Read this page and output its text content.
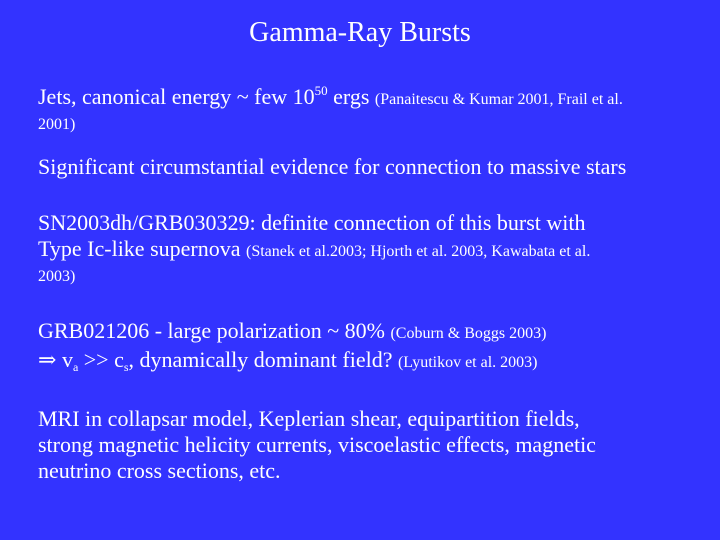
Gamma-Ray Bursts
Jets, canonical energy ~ few $10^{50}$ ergs (Panaitescu & Kumar 2001, Frail et al.
2001)
Significant circumstantial evidence for connection to massive stars
SN2003dh/GRB030329: definite connection of this burst with
Type Ic-like supernova (Stanek et al.2003; Hjorth et al. 2003, Kawabata et al.
2003)
GRB021206 - large polarization ~ 80% (Coburn & Boggs 2003)
⇒ $v_a >> c_s$, dynamically dominant field? (Lyutikov et al. 2003)
MRI in collapsar model, Keplerian shear, equipartition fields,
strong magnetic helicity currents, viscoelastic effects, magnetic
neutrino cross sections, etc.
